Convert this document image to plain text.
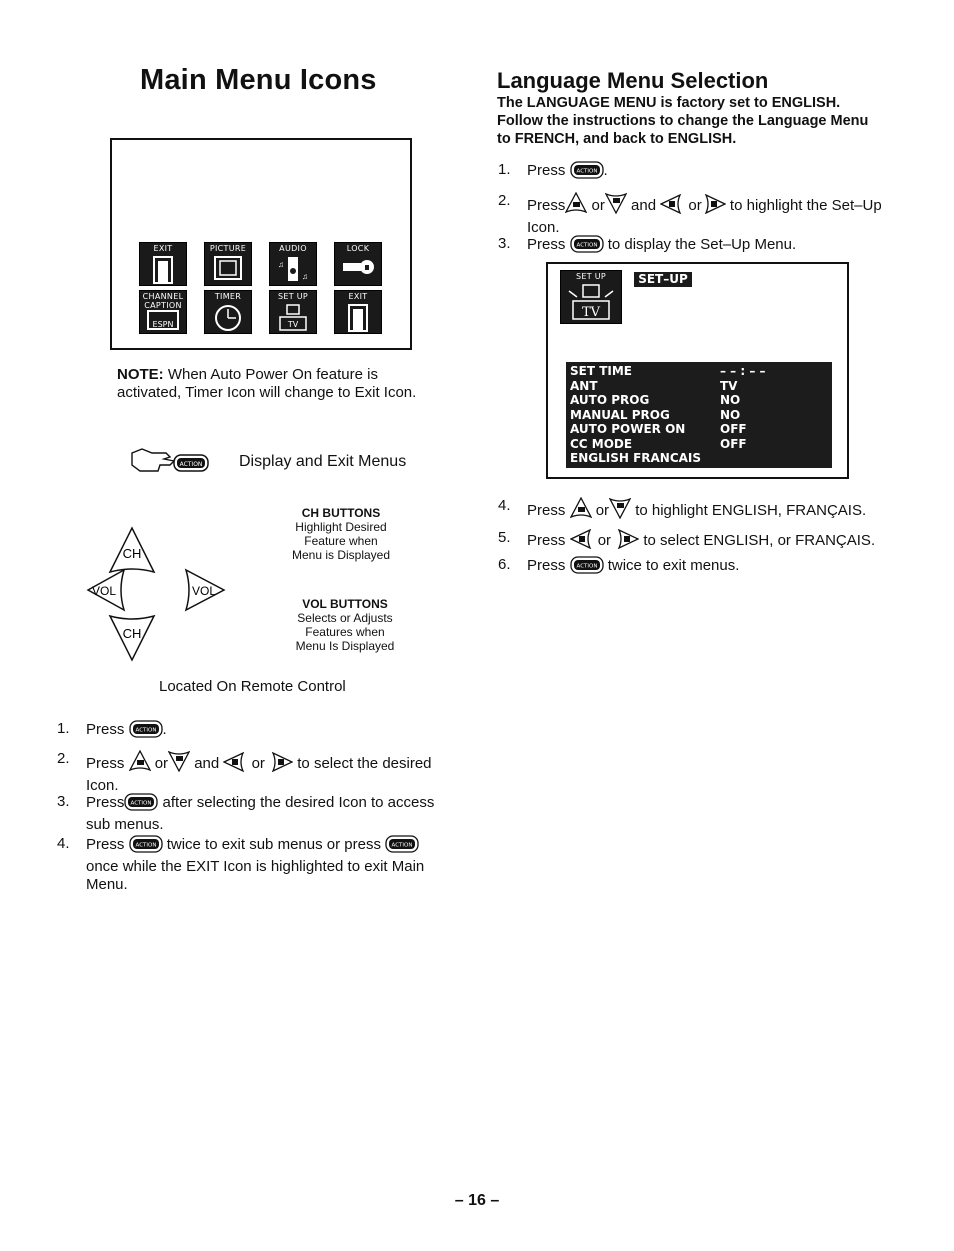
Main Menu Icons
EXIT	PICTURE
♫
♫
AUDIO	LOCK
ESPN
CHANNEL CAPTION
TIMER
TV
SET UP	EXIT
NOTE: When Auto Power On feature is activated, Timer Icon will change to Exit Icon.
ACTION Display and Exit Menus
CH
VOL	VOL
CH
CH BUTTONS
Highlight Desired
Feature when
Menu is Displayed
VOL BUTTONS
Selects or Adjusts
Features when
Menu Is Displayed
Located On Remote Control
1. Press ACTION .
2. Press or and or to select the desired
Icon.
3. Press ACTION after selecting the desired Icon to access
sub menus.
4. Press ACTION twice to exit sub menus or press ACTION

once while the EXIT Icon is highlighted to exit Main
Menu.
Language Menu Selection
The LANGUAGE MENU is factory set to ENGLISH.
Follow the instructions to change the Language Menu
to FRENCH, and back to ENGLISH.
1. Press ACTION .
2. Press or and or to highlight the Set–Up
Icon.
3. Press ACTION to display the Set–Up Menu.
SET UP
TV
SET–UP
SET TIME	– – : – –
ANT	TV
AUTO PROG	NO
MANUAL PROG	NO
AUTO POWER ON	OFF
CC MODE	OFF
ENGLISH FRANCAIS
4. Press or to highlight ENGLISH, FRANÇAIS.
5. Press or to select ENGLISH, or FRANÇAIS.
6. Press ACTION twice to exit menus.
– 16 –
